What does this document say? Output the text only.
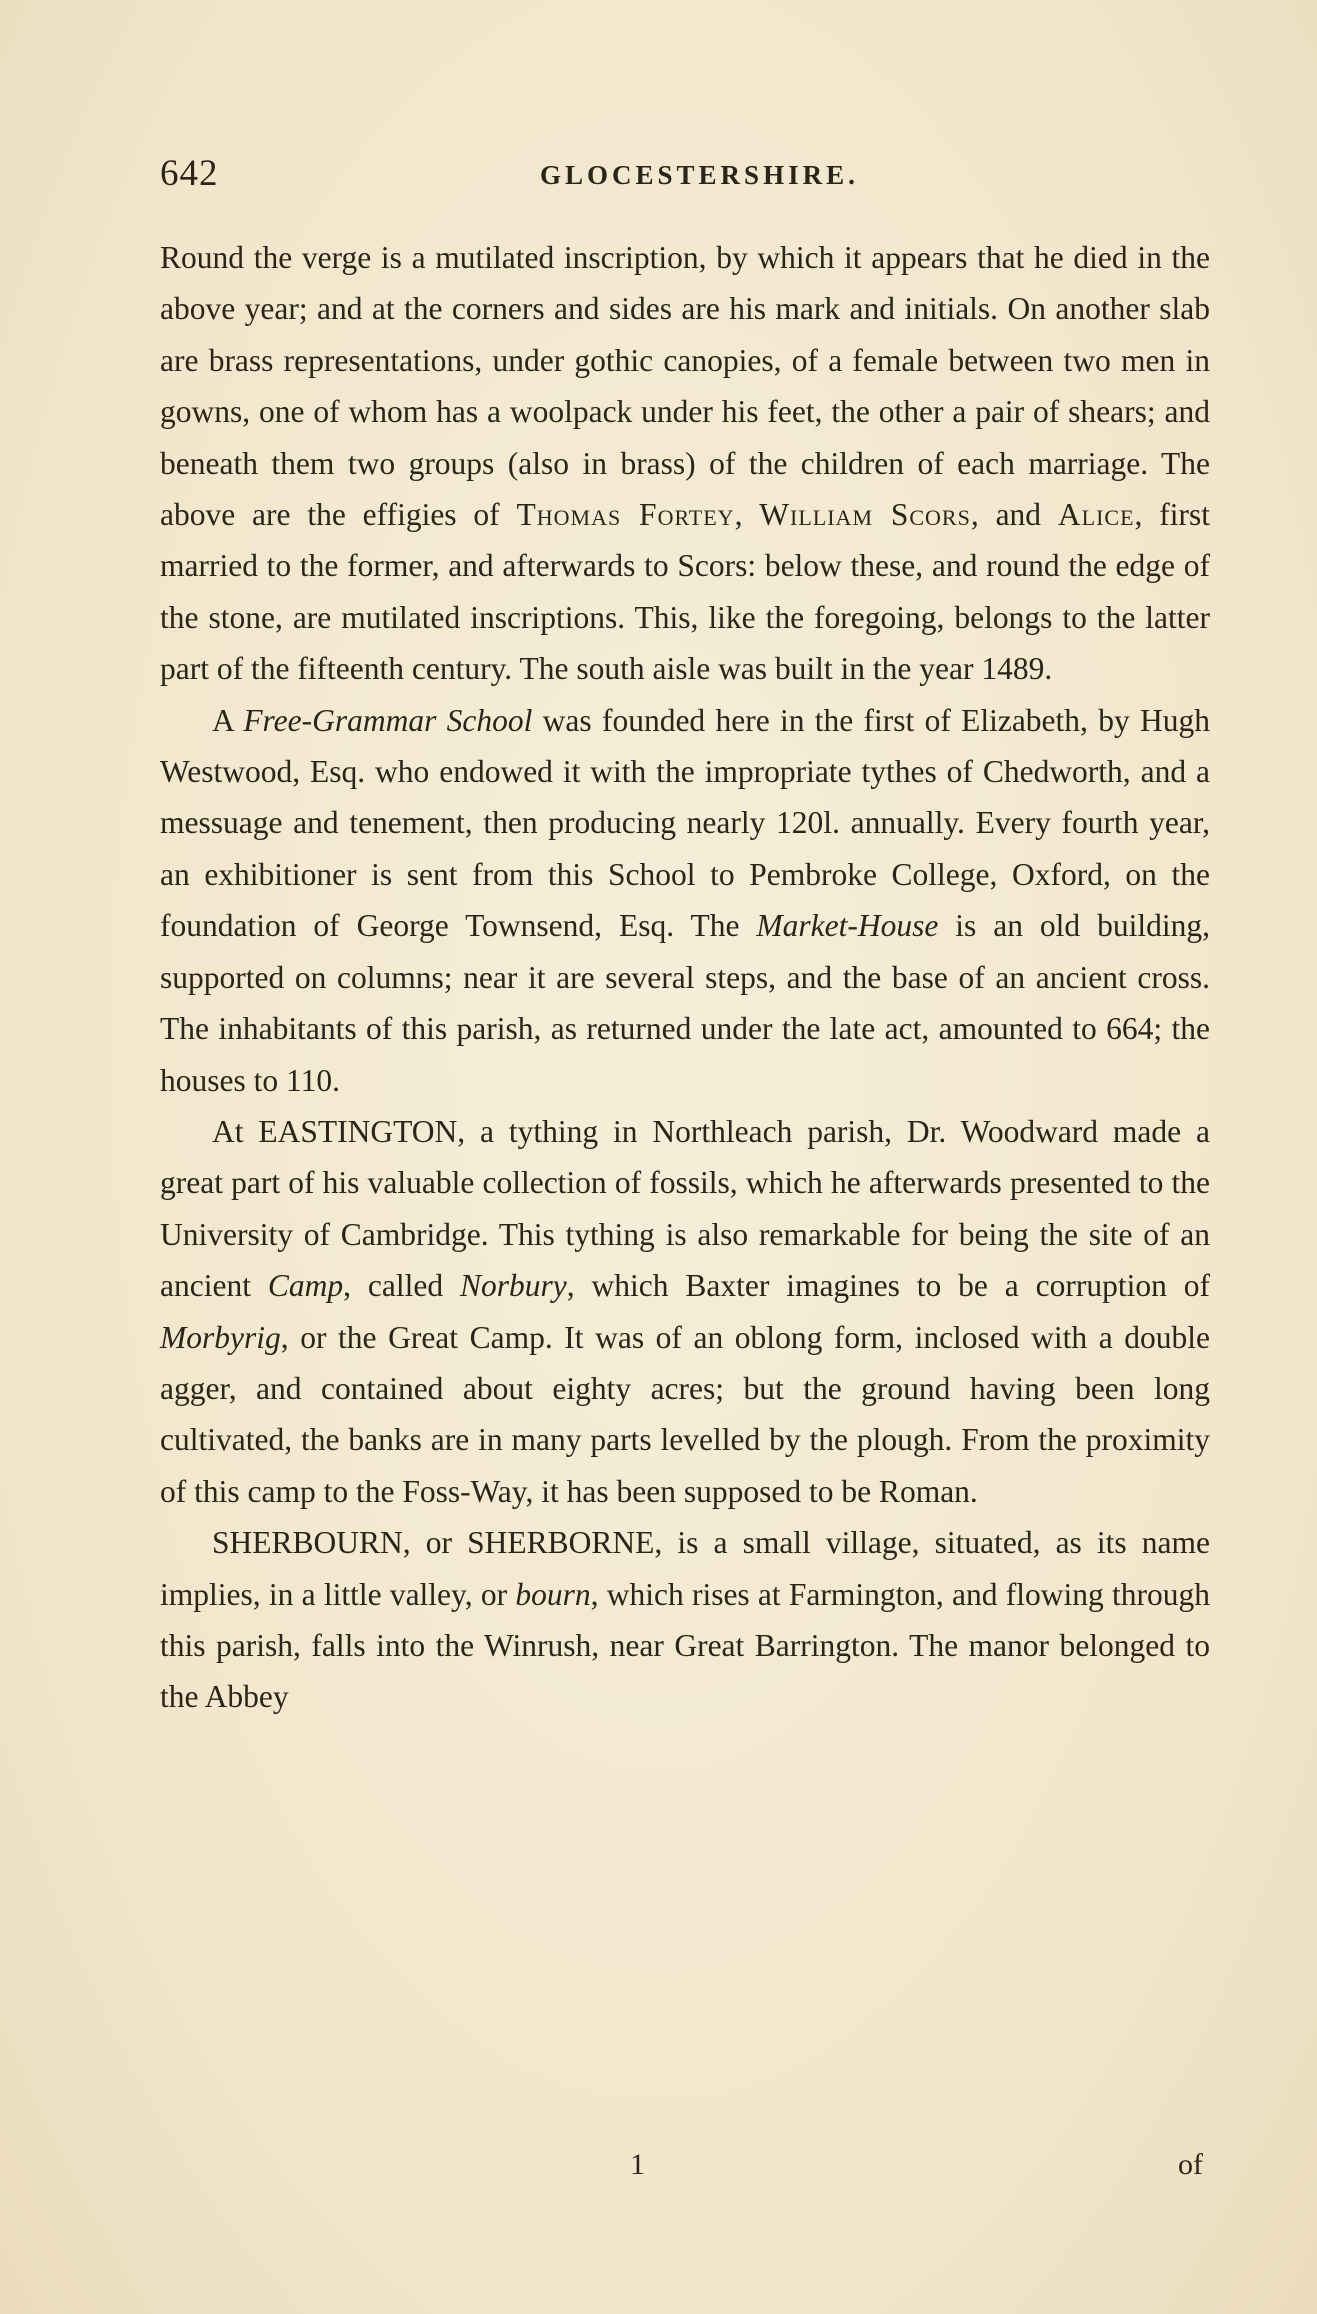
642	GLOCESTERSHIRE.

Round the verge is a mutilated inscription, by which it appears that he died in the above year; and at the corners and sides are his mark and initials. On another slab are brass representations, under gothic canopies, of a female between two men in gowns, one of whom has a woolpack under his feet, the other a pair of shears; and beneath them two groups (also in brass) of the children of each marriage. The above are the effigies of Thomas Fortey, William Scors, and Alice, first married to the former, and afterwards to Scors: below these, and round the edge of the stone, are mutilated inscriptions. This, like the foregoing, belongs to the latter part of the fifteenth century. The south aisle was built in the year 1489.

A Free-Grammar School was founded here in the first of Elizabeth, by Hugh Westwood, Esq. who endowed it with the impropriate tythes of Chedworth, and a messuage and tenement, then producing nearly 120l. annually. Every fourth year, an exhibitioner is sent from this School to Pembroke College, Oxford, on the foundation of George Townsend, Esq. The Market-House is an old building, supported on columns; near it are several steps, and the base of an ancient cross. The inhabitants of this parish, as returned under the late act, amounted to 664; the houses to 110.

At EASTINGTON, a tything in Northleach parish, Dr. Woodward made a great part of his valuable collection of fossils, which he afterwards presented to the University of Cambridge. This tything is also remarkable for being the site of an ancient Camp, called Norbury, which Baxter imagines to be a corruption of Morbyrig, or the Great Camp. It was of an oblong form, inclosed with a double agger, and contained about eighty acres; but the ground having been long cultivated, the banks are in many parts levelled by the plough. From the proximity of this camp to the Foss-Way, it has been supposed to be Roman.

SHERBOURN, or SHERBORNE, is a small village, situated, as its name implies, in a little valley, or bourn, which rises at Farmington, and flowing through this parish, falls into the Winrush, near Great Barrington. The manor belonged to the Abbey

1	of
